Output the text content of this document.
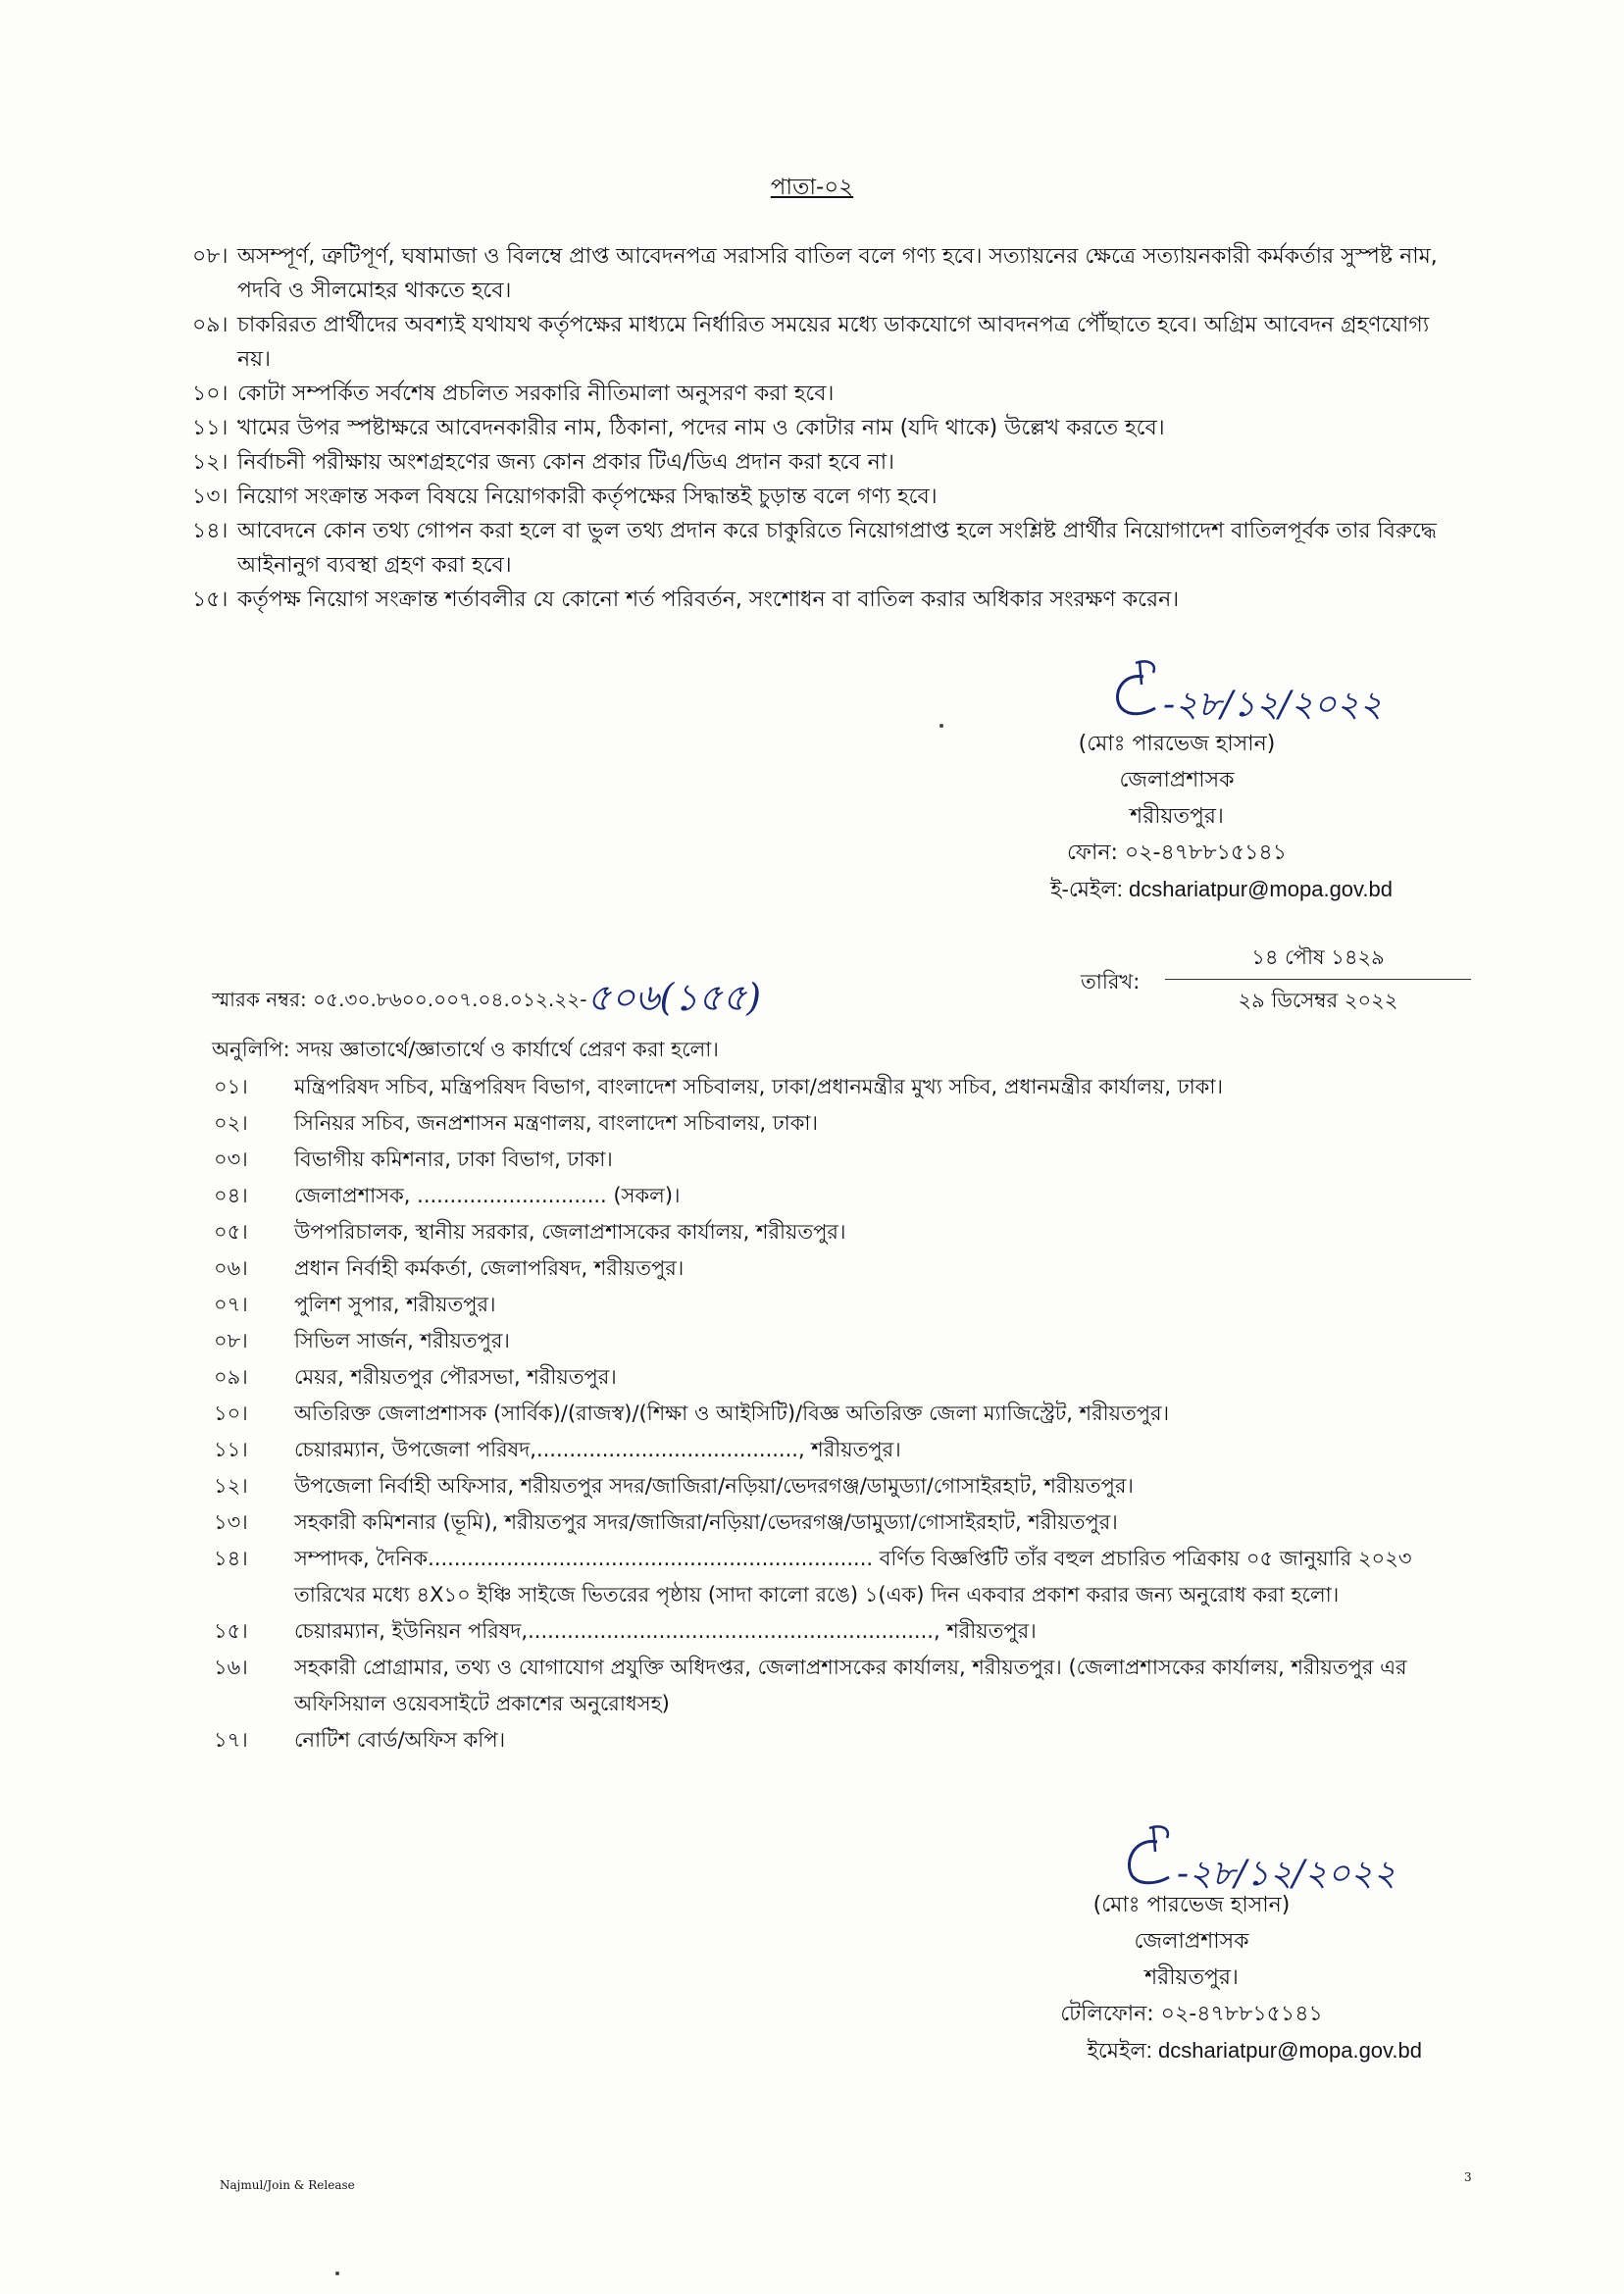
পাতা-০২
০৮। অসম্পূর্ণ, ত্রুটিপূর্ণ, ঘষামাজা ও বিলম্বে প্রাপ্ত আবেদনপত্র সরাসরি বাতিল বলে গণ্য হবে। সত্যায়নের ক্ষেত্রে সত্যায়নকারী কর্মকর্তার সুস্পষ্ট নাম, পদবি ও সীলমোহর থাকতে হবে।
০৯। চাকরিরত প্রার্থীদের অবশ্যই যথাযথ কর্তৃপক্ষের মাধ্যমে নির্ধারিত সময়ের মধ্যে ডাকযোগে আবদনপত্র পৌঁছাতে হবে। অগ্রিম আবেদন গ্রহণযোগ্য নয়।
১০। কোটা সম্পর্কিত সর্বশেষ প্রচলিত সরকারি নীতিমালা অনুসরণ করা হবে।
১১। খামের উপর স্পষ্টাক্ষরে আবেদনকারীর নাম, ঠিকানা, পদের নাম ও কোটার নাম (যদি থাকে) উল্লেখ করতে হবে।
১২। নির্বাচনী পরীক্ষায় অংশগ্রহণের জন্য কোন প্রকার টিএ/ডিএ প্রদান করা হবে না।
১৩। নিয়োগ সংক্রান্ত সকল বিষয়ে নিয়োগকারী কর্তৃপক্ষের সিদ্ধান্তই চুড়ান্ত বলে গণ্য হবে।
১৪। আবেদনে কোন তথ্য গোপন করা হলে বা ভুল তথ্য প্রদান করে চাকুরিতে নিয়োগপ্রাপ্ত হলে সংশ্লিষ্ট প্রার্থীর নিয়োগাদেশ বাতিলপূর্বক তার বিরুদ্ধে আইনানুগ ব্যবস্থা গ্রহণ করা হবে।
১৫। কর্তৃপক্ষ নিয়োগ সংক্রান্ত শর্তাবলীর যে কোনো শর্ত পরিবর্তন, সংশোধন বা বাতিল করার অধিকার সংরক্ষণ করেন।
-২৮/১২/২০২২
(মোঃ পারভেজ হাসান)
জেলাপ্রশাসক
শরীয়তপুর।
ফোন: ০২-৪৭৮৮১৫১৪১
ই-মেইল: dcshariatpur@mopa.gov.bd
স্মারক নম্বর: ০৫.৩০.৮৬০০.০০৭.০৪.০১২.২২-৫০৬(১৫৫)	তারিখ:
১৪ পৌষ ১৪২৯
২৯ ডিসেম্বর ২০২২
অনুলিপি: সদয় জ্ঞাতার্থে/জ্ঞাতার্থে ও কার্যার্থে প্রেরণ করা হলো।
০১।	মন্ত্রিপরিষদ সচিব, মন্ত্রিপরিষদ বিভাগ, বাংলাদেশ সচিবালয়, ঢাকা/প্রধানমন্ত্রীর মুখ্য সচিব, প্রধানমন্ত্রীর কার্যালয়, ঢাকা।
০২।	সিনিয়র সচিব, জনপ্রশাসন মন্ত্রণালয়, বাংলাদেশ সচিবালয়, ঢাকা।
০৩।	বিভাগীয় কমিশনার, ঢাকা বিভাগ, ঢাকা।
০৪।	জেলাপ্রশাসক, ............................. (সকল)।
০৫।	উপপরিচালক, স্থানীয় সরকার, জেলাপ্রশাসকের কার্যালয়, শরীয়তপুর।
০৬।	প্রধান নির্বাহী কর্মকর্তা, জেলাপরিষদ, শরীয়তপুর।
০৭।	পুলিশ সুপার, শরীয়তপুর।
০৮।	সিভিল সার্জন, শরীয়তপুর।
০৯।	মেয়র, শরীয়তপুর পৌরসভা, শরীয়তপুর।
১০।	অতিরিক্ত জেলাপ্রশাসক (সার্বিক)/(রাজস্ব)/(শিক্ষা ও আইসিটি)/বিজ্ঞ অতিরিক্ত জেলা ম্যাজিস্ট্রেট, শরীয়তপুর।
১১।	চেয়ারম্যান, উপজেলা পরিষদ,........................................, শরীয়তপুর।
১২।	উপজেলা নির্বাহী অফিসার, শরীয়তপুর সদর/জাজিরা/নড়িয়া/ভেদরগঞ্জ/ডামুড্যা/গোসাইরহাট, শরীয়তপুর।
১৩।	সহকারী কমিশনার (ভূমি), শরীয়তপুর সদর/জাজিরা/নড়িয়া/ভেদরগঞ্জ/ডামুড্যা/গোসাইরহাট, শরীয়তপুর।
১৪।	সম্পাদক, দৈনিক.................................................................... বর্ণিত বিজ্ঞপ্তিটি তাঁর বহুল প্রচারিত পত্রিকায় ০৫ জানুয়ারি ২০২৩ তারিখের মধ্যে ৪X১০ ইঞ্চি সাইজে ভিতরের পৃষ্ঠায় (সাদা কালো রঙে) ১(এক) দিন একবার প্রকাশ করার জন্য অনুরোধ করা হলো।
১৫।	চেয়ারম্যান, ইউনিয়ন পরিষদ,.............................................................., শরীয়তপুর।
১৬।	সহকারী প্রোগ্রামার, তথ্য ও যোগাযোগ প্রযুক্তি অধিদপ্তর, জেলাপ্রশাসকের কার্যালয়, শরীয়তপুর। (জেলাপ্রশাসকের কার্যালয়, শরীয়তপুর এর অফিসিয়াল ওয়েবসাইটে প্রকাশের অনুরোধসহ)
১৭।	নোটিশ বোর্ড/অফিস কপি।
-২৮/১২/২০২২
(মোঃ পারভেজ হাসান)
জেলাপ্রশাসক
শরীয়তপুর।
টেলিফোন: ০২-৪৭৮৮১৫১৪১
ইমেইল: dcshariatpur@mopa.gov.bd
Najmul/Join & Release
3
